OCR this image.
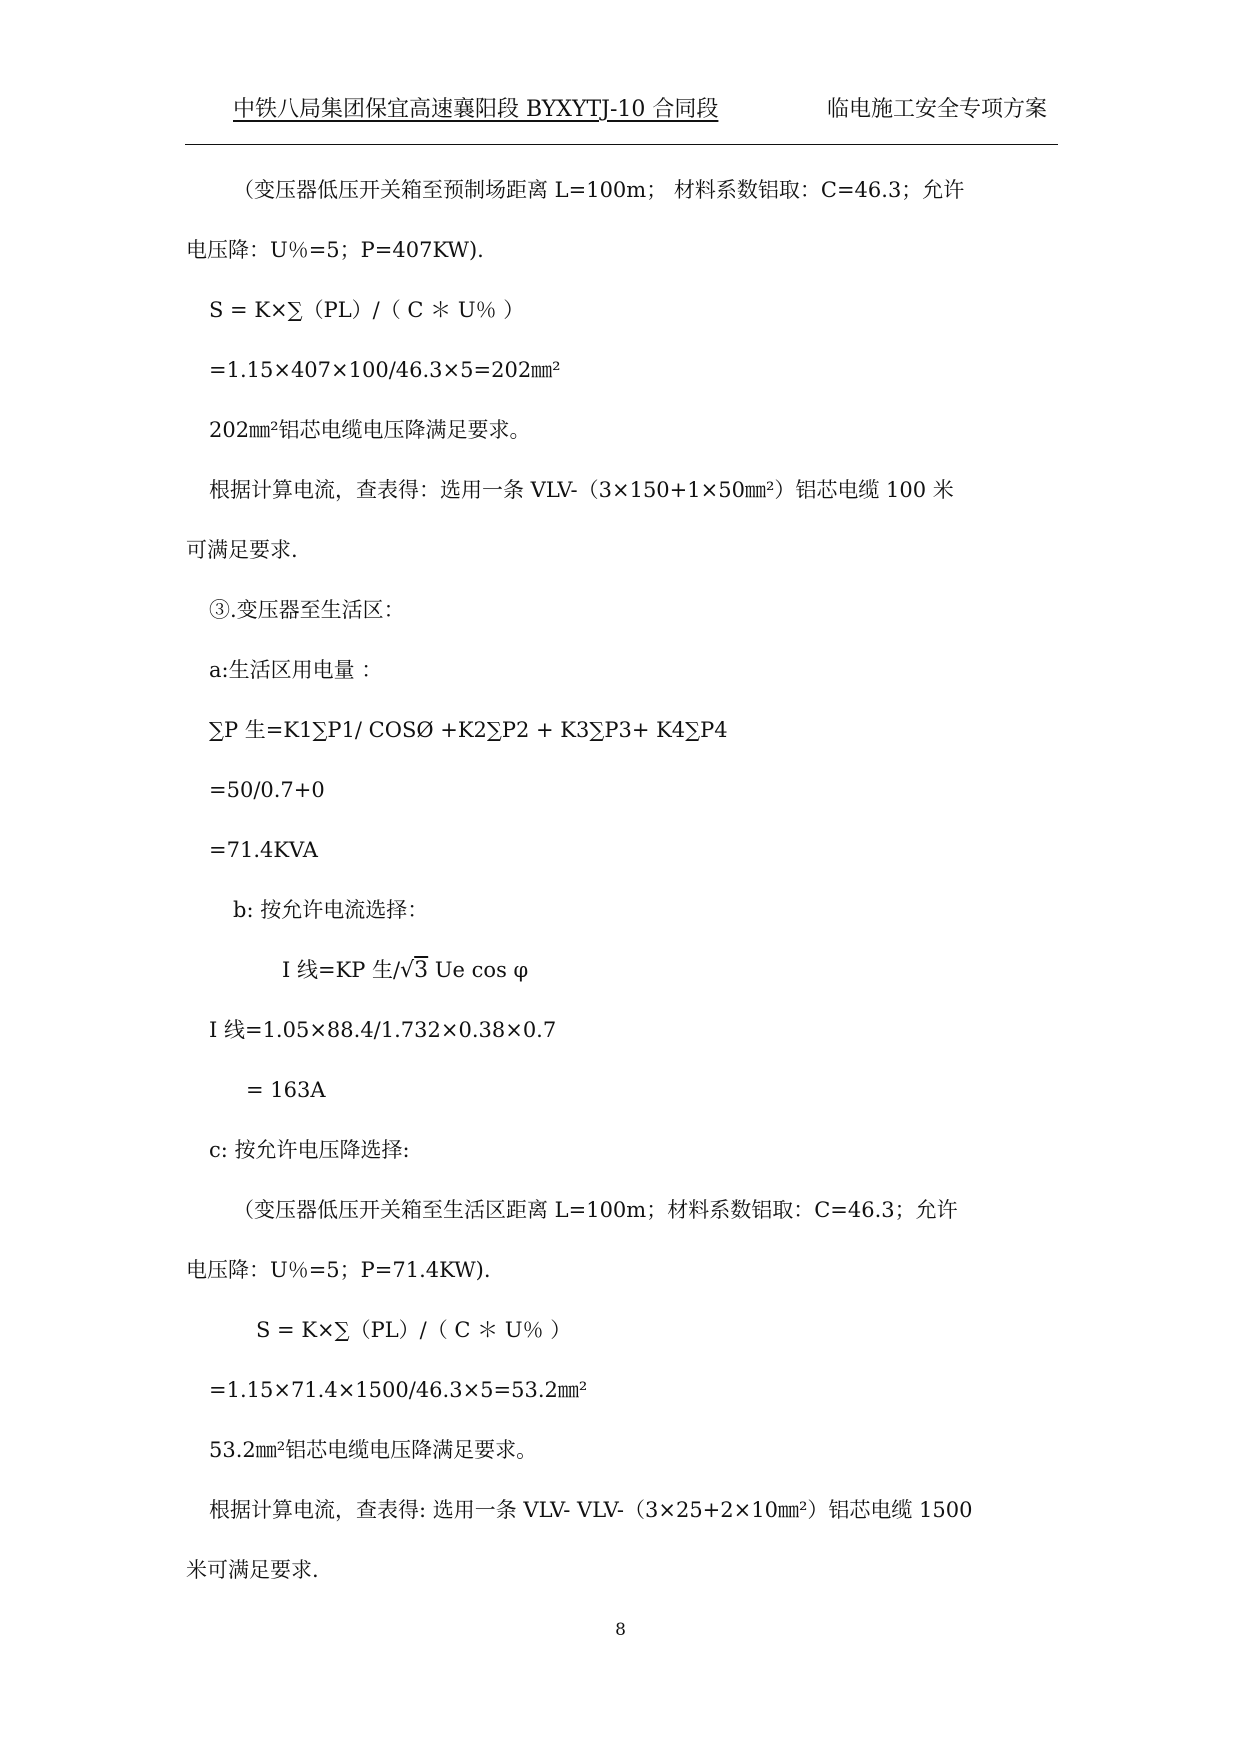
中铁八局集团保宜高速襄阳段 BYXYTJ-10 合同段	临电施工安全专项方案
（变压器低压开关箱至预制场距离 L=100m； 材料系数铝取：C=46.3；允许
电压降：U％=5；P=407KW).
S = K×∑（PL）/（ C ＊ U％ ）
=1.15×407×100/46.3×5=202㎜²
202㎜²铝芯电缆电压降满足要求。
根据计算电流，查表得：选用一条 VLV-（3×150+1×50㎜²）铝芯电缆 100 米
可满足要求.
③.变压器至生活区：
a:生活区用电量 ：
∑P 生=K1∑P1/ COSØ +K2∑P2 + K3∑P3+ K4∑P4
=50/0.7+0
=71.4KVA
b: 按允许电流选择：
I 线=KP 生/√3 Ue cos φ
I 线=1.05×88.4/1.732×0.38×0.7
= 163A
c: 按允许电压降选择:
（变压器低压开关箱至生活区距离 L=100m；材料系数铝取：C=46.3；允许
电压降：U％=5；P=71.4KW).
S = K×∑（PL）/（ C ＊ U％ ）
=1.15×71.4×1500/46.3×5=53.2㎜²
53.2㎜²铝芯电缆电压降满足要求。
根据计算电流，查表得: 选用一条 VLV- VLV-（3×25+2×10㎜²）铝芯电缆 1500
米可满足要求.
8
